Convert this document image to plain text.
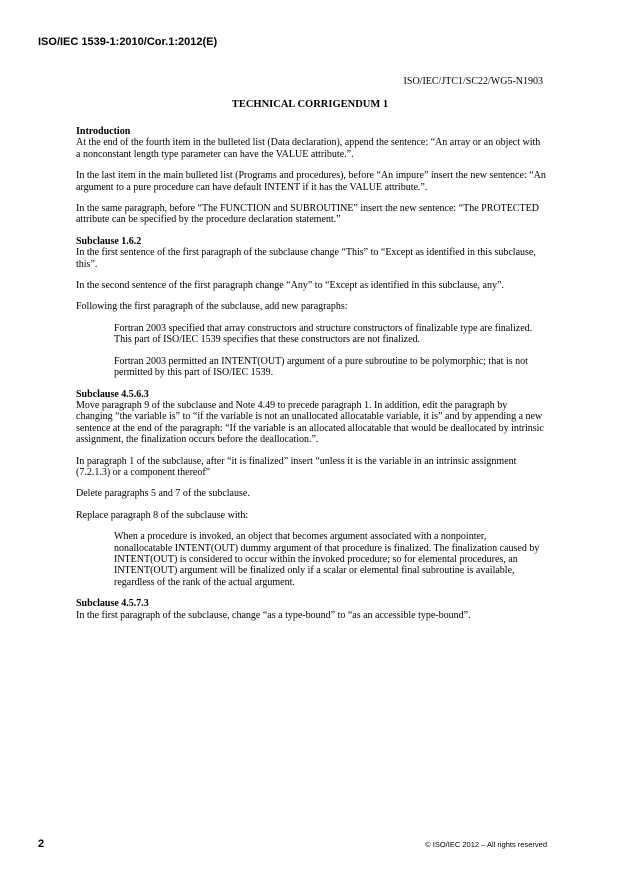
ISO/IEC 1539-1:2010/Cor.1:2012(E)
ISO/IEC/JTC1/SC22/WG5-N1903
TECHNICAL CORRIGENDUM 1
Introduction

At the end of the fourth item in the bulleted list (Data declaration), append the sentence: “An array or an object with a nonconstant length type parameter can have the VALUE attribute.”.

In the last item in the main bulleted list (Programs and procedures), before “An impure” insert the new sentence: “An argument to a pure procedure can have default INTENT if it has the VALUE attribute.”.

In the same paragraph, before “The FUNCTION and SUBROUTINE” insert the new sentence: “The PROTECTED attribute can be specified by the procedure declaration statement.”

Subclause 1.6.2

In the first sentence of the first paragraph of the subclause change “This” to “Except as identified in this subclause, this”.

In the second sentence of the first paragraph change “Any” to “Except as identified in this subclause, any”.

Following the first paragraph of the subclause, add new paragraphs:

Fortran 2003 specified that array constructors and structure constructors of finalizable type are finalized. This part of ISO/IEC 1539 specifies that these constructors are not finalized.

Fortran 2003 permitted an INTENT(OUT) argument of a pure subroutine to be polymorphic; that is not permitted by this part of ISO/IEC 1539.

Subclause 4.5.6.3

Move paragraph 9 of the subclause and Note 4.49 to precede paragraph 1. In addition, edit the paragraph by changing “the variable is” to “if the variable is not an unallocated allocatable variable, it is” and by appending a new sentence at the end of the paragraph: “If the variable is an allocated allocatable that would be deallocated by intrinsic assignment, the finalization occurs before the deallocation.”.

In paragraph 1 of the subclause, after “it is finalized” insert “unless it is the variable in an intrinsic assignment (7.2.1.3) or a component thereof”

Delete paragraphs 5 and 7 of the subclause.

Replace paragraph 8 of the subclause with:

When a procedure is invoked, an object that becomes argument associated with a nonpointer, nonallocatable INTENT(OUT) dummy argument of that procedure is finalized. The finalization caused by INTENT(OUT) is considered to occur within the invoked procedure; so for elemental procedures, an INTENT(OUT) argument will be finalized only if a scalar or elemental final subroutine is available, regardless of the rank of the actual argument.

Subclause 4.5.7.3

In the first paragraph of the subclause, change “as a type-bound” to “as an accessible type-bound”.

2	© ISO/IEC 2012 – All rights reserved
